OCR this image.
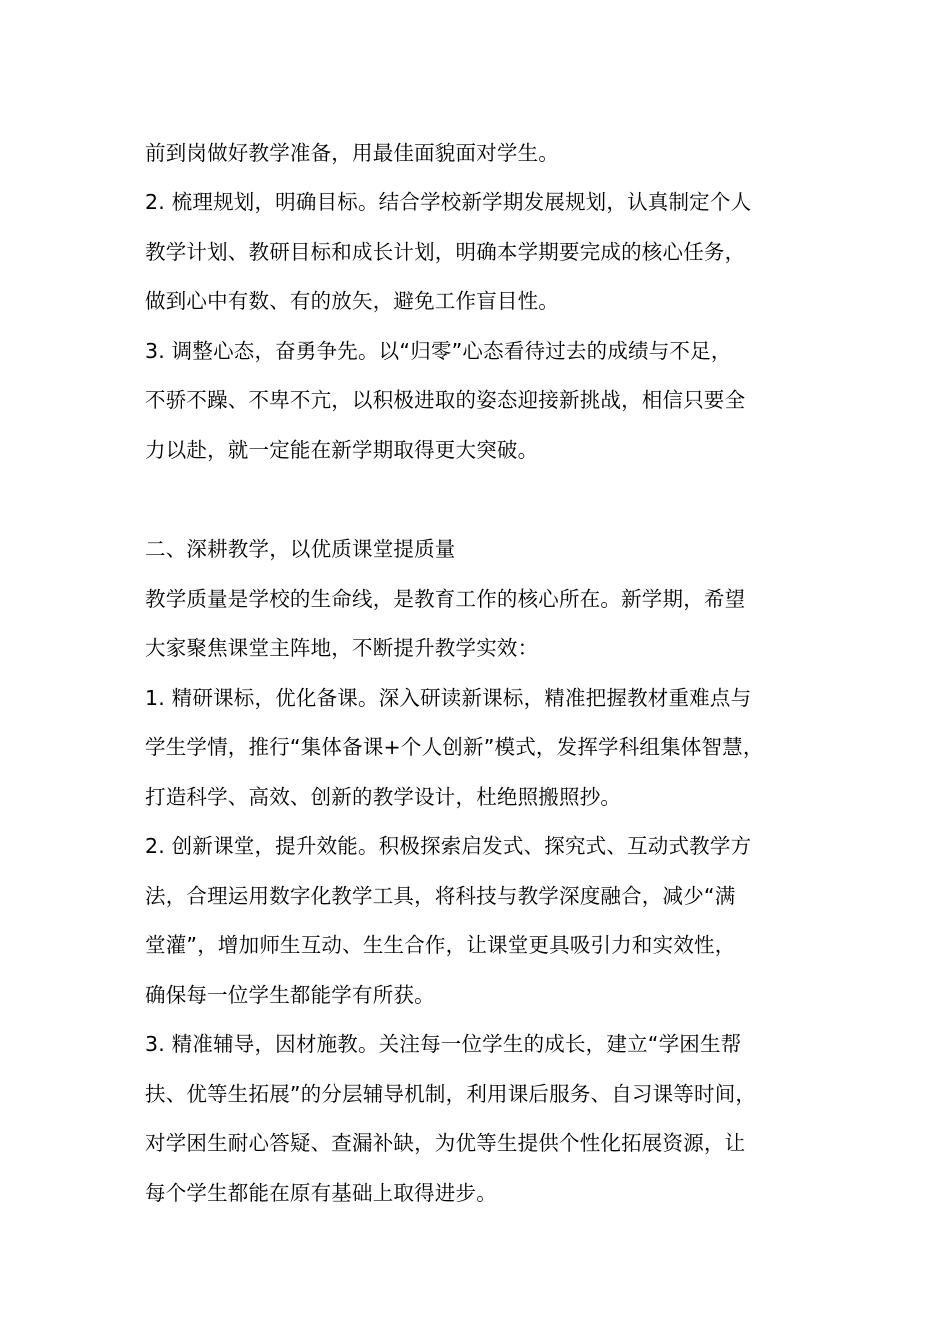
前到岗做好教学准备，用最佳面貌面对学生。
2. 梳理规划，明确目标。结合学校新学期发展规划，认真制定个人
教学计划、教研目标和成长计划，明确本学期要完成的核心任务，
做到心中有数、有的放矢，避免工作盲目性。
3. 调整心态，奋勇争先。以“归零”心态看待过去的成绩与不足，
不骄不躁、不卑不亢，以积极进取的姿态迎接新挑战，相信只要全
力以赴，就一定能在新学期取得更大突破。
二、深耕教学，以优质课堂提质量
教学质量是学校的生命线，是教育工作的核心所在。新学期，希望
大家聚焦课堂主阵地，不断提升教学实效：
1. 精研课标，优化备课。深入研读新课标，精准把握教材重难点与
学生学情，推行“集体备课+个人创新”模式，发挥学科组集体智慧，
打造科学、高效、创新的教学设计，杜绝照搬照抄。
2. 创新课堂，提升效能。积极探索启发式、探究式、互动式教学方
法，合理运用数字化教学工具，将科技与教学深度融合，减少“满
堂灌”，增加师生互动、生生合作，让课堂更具吸引力和实效性，
确保每一位学生都能学有所获。
3. 精准辅导，因材施教。关注每一位学生的成长，建立“学困生帮
扶、优等生拓展”的分层辅导机制，利用课后服务、自习课等时间，
对学困生耐心答疑、查漏补缺，为优等生提供个性化拓展资源，让
每个学生都能在原有基础上取得进步。
